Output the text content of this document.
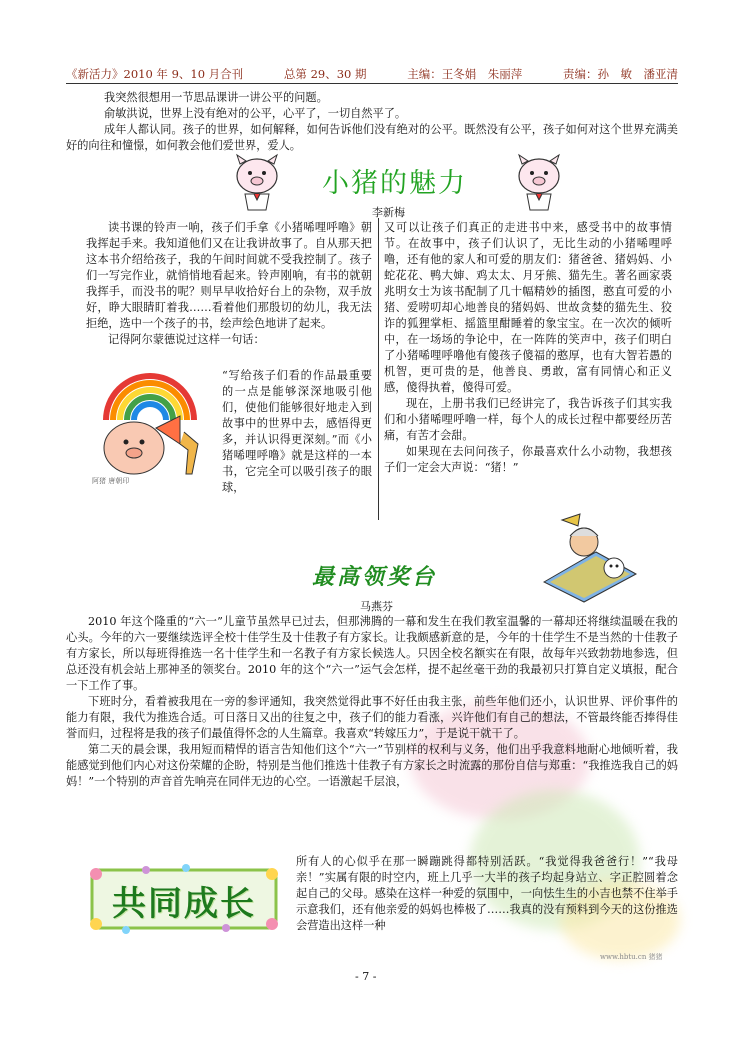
《新活力》2010 年 9、10 月合刊	总第 29、30 期	主编：王冬娟　朱丽萍	责编：孙　敏　潘亚清

我突然很想用一节思品课讲一讲公平的问题。

俞敏洪说，世界上没有绝对的公平，心平了，一切自然平了。

成年人都认同。孩子的世界，如何解释，如何告诉他们没有绝对的公平。既然没有公平，孩子如何对这个世界充满美好的向往和憧憬，如何教会他们爱世界，爱人。

小猪的魅力
李新梅

读书课的铃声一响，孩子们手拿《小猪唏哩呼噜》朝我挥起手来。我知道他们又在让我讲故事了。自从那天把这本书介绍给孩子，我的午间时间就不受我控制了。孩子们一写完作业，就悄悄地看起来。铃声刚响，有书的就朝我挥手，而没书的呢？则早早收拾好台上的杂物，双手放好，睁大眼睛盯着我……看着他们那殷切的幼儿，我无法拒绝，选中一个孩子的书，绘声绘色地讲了起来。

记得阿尔蒙德说过这样一句话：

阿猪 唐朝印

“写给孩子们看的作品最重要的一点是能够深深地吸引他们，使他们能够很好地走入到故事中的世界中去，感悟得更多，并认识得更深刻。”而《小猪唏哩呼噜》就是这样的一本书，它完全可以吸引孩子的眼球，

又可以让孩子们真正的走进书中来，感受书中的故事情节。在故事中，孩子们认识了，无比生动的小猪唏哩呼噜，还有他的家人和可爱的朋友们：猪爸爸、猪妈妈、小蛇花花、鸭大婶、鸡太太、月牙熊、猫先生。著名画家裘兆明女士为该书配制了几十幅精妙的插图，憨直可爱的小猪、爱唠叨却心地善良的猪妈妈、世故贪婪的猫先生、狡诈的狐狸掌柜、摇篮里酣睡着的象宝宝。在一次次的倾听中，在一场场的争论中，在一阵阵的笑声中，孩子们明白了小猪唏哩呼噜他有傻孩子傻福的憨厚，也有大智若愚的机智，更可贵的是，他善良、勇敢，富有同情心和正义感，傻得执着，傻得可爱。

现在，上册书我们已经讲完了，我告诉孩子们其实我们和小猪唏哩呼噜一样，每个人的成长过程中都要经历苦痛，有苦才会甜。

如果现在去问问孩子，你最喜欢什么小动物，我想孩子们一定会大声说：“猪！”

最高领奖台
马燕芬

2010 年这个隆重的“六一”儿童节虽然早已过去，但那沸腾的一幕和发生在我们教室温馨的一幕却还将继续温暖在我的心头。今年的六一要继续选评全校十佳学生及十佳教子有方家长。让我颇感新意的是，今年的十佳学生不是当然的十佳教子有方家长，所以每班得推选一名十佳学生和一名教子有方家长候选人。只因全校名额实在有限，故每年兴致勃勃地参选，但总还没有机会站上那神圣的领奖台。2010 年的这个“六一”运气会怎样，提不起丝毫干劲的我最初只打算自定义填报，配合一下工作了事。

下班时分，看着被我甩在一旁的参评通知，我突然觉得此事不好任由我主张，前些年他们还小，认识世界、评价事件的能力有限，我代为推选合适。可日落日又出的往复之中，孩子们的能力看涨，兴许他们有自己的想法，不管最终能否捧得佳誉而归，过程将是我的孩子们最值得怀念的人生篇章。我喜欢“转嫁压力”，于是说干就干了。

第二天的晨会课，我用短而精悍的语言告知他们这个“六一”节别样的权利与义务，他们出乎我意料地耐心地倾听着，我能感觉到他们内心对这份荣耀的企盼，特别是当他们推选十佳教子有方家长之时流露的那份自信与郑重：“我推选我自己的妈妈！”一个特别的声音首先响亮在同伴无边的心空。一语激起千层浪，

共同成长

所有人的心似乎在那一瞬蹦跳得都特别活跃。“我觉得我爸爸行！”“我母亲！”实属有限的时空内，班上几乎一大半的孩子均起身站立、字正腔圆着念起自己的父母。感染在这样一种爱的氛围中，一向怯生生的小吉也禁不住举手示意我们，还有他亲爱的妈妈也棒极了……我真的没有预料到今天的这份推选会营造出这样一种

www.hbtu.cn 猪猪
- 7 -
